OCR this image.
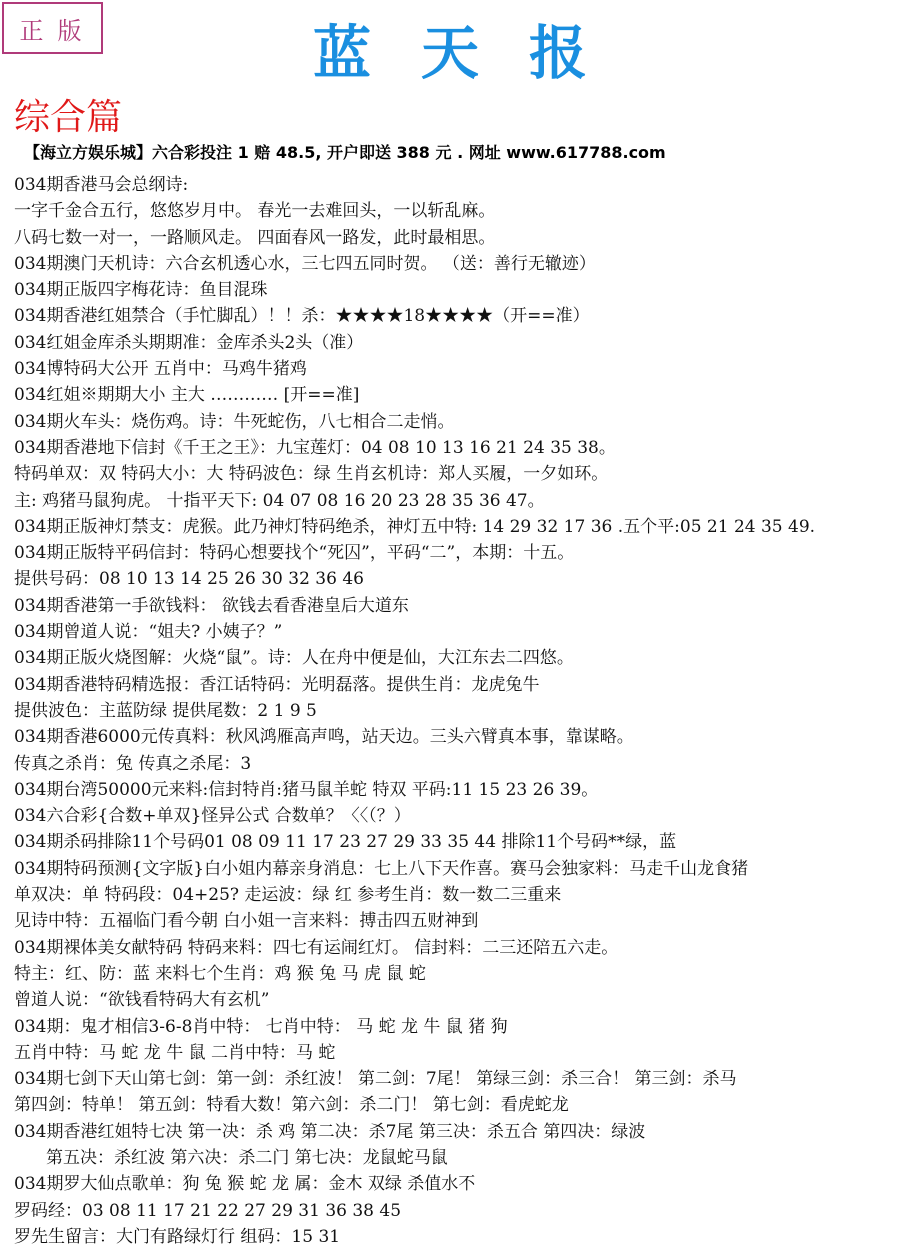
正版	蓝天报
综合篇
【海立方娱乐城】六合彩投注 1 赔 48.5, 开户即送 388 元 . 网址 www.617788.com
034期香港马会总纲诗:
一字千金合五行，悠悠岁月中。 春光一去难回头，一以斩乱麻。
八码七数一对一，一路顺风走。 四面春风一路发，此时最相思。
034期澳门天机诗：六合玄机透心水，三七四五同时贺。 （送：善行无辙迹）
034期正版四字梅花诗：鱼目混珠
034期香港红姐禁合（手忙脚乱）！！杀：★★★★18★★★★（开==准）
034红姐金库杀头期期准：金库杀头2头（准）
034博特码大公开 五肖中：马鸡牛猪鸡
034红姐※期期大小 主大 ………… [开==准]
034期火车头：烧伤鸡。诗：牛死蛇伤，八七相合二走悄。
034期香港地下信封《千王之王》：九宝莲灯：04 08 10 13 16 21 24 35 38。
特码单双：双 特码大小：大 特码波色：绿 生肖玄机诗：郑人买履，一夕如环。
主: 鸡猪马鼠狗虎。 十指平天下: 04 07 08 16 20 23 28 35 36 47。
034期正版神灯禁支：虎猴。此乃神灯特码绝杀，神灯五中特: 14 29 32 17 36 .五个平:05 21 24 35 49.
034期正版特平码信封：特码心想要找个“死囚”，平码“二”，本期：十五。
提供号码：08 10 13 14 25 26 30 32 36 46
034期香港第一手欲钱料： 欲钱去看香港皇后大道东
034期曾道人说：“姐夫? 小姨子？”
034期正版火烧图解：火烧“鼠”。诗：人在舟中便是仙，大江东去二四悠。
034期香港特码精选报：香江话特码：光明磊落。提供生肖：龙虎兔牛
提供波色：主蓝防绿 提供尾数：2 1 9 5
034期香港6000元传真料：秋风鸿雁高声鸣，站天边。三头六臂真本事，靠谋略。
传真之杀肖：兔 传真之杀尾：3
034期台湾50000元来料:信封特肖:猪马鼠羊蛇 特双 平码:11 15 23 26 39。
034六合彩{合数+单双}怪异公式 合数单？〈〈（？）
034期杀码排除11个号码01 08 09 11 17 23 27 29 33 35 44 排除11个号码**绿，蓝
034期特码预测{文字版}白小姐内幕亲身消息：七上八下天作喜。赛马会独家料：马走千山龙食猪
单双决：单 特码段：04+25? 走运波：绿 红 参考生肖：数一数二三重来
见诗中特：五福临门看今朝 白小姐一言来料：搏击四五财神到
034期裸体美女献特码 特码来料：四七有运闹红灯。 信封料：二三还陪五六走。
特主：红、防：蓝 来料七个生肖：鸡 猴 兔 马 虎 鼠 蛇
曾道人说：“欲钱看特码大有玄机”
034期：鬼才相信3-6-8肖中特： 七肖中特： 马 蛇 龙 牛 鼠 猪 狗
五肖中特：马 蛇 龙 牛 鼠 二肖中特：马 蛇
034期七剑下天山第七剑：第一剑：杀红波！ 第二剑：7尾！ 第绿三剑：杀三合！ 第三剑：杀马
第四剑：特单！ 第五剑：特看大数！第六剑：杀二门！ 第七剑：看虎蛇龙
034期香港红姐特七决 第一决：杀 鸡 第二决：杀7尾 第三决：杀五合 第四决：绿波
第五决：杀红波 第六决：杀二门 第七决：龙鼠蛇马鼠
034期罗大仙点歌单：狗 兔 猴 蛇 龙 属：金木 双绿 杀值水不
罗码经：03 08 11 17 21 22 27 29 31 36 38 45
罗先生留言：大门有路绿灯行 组码：15 31
